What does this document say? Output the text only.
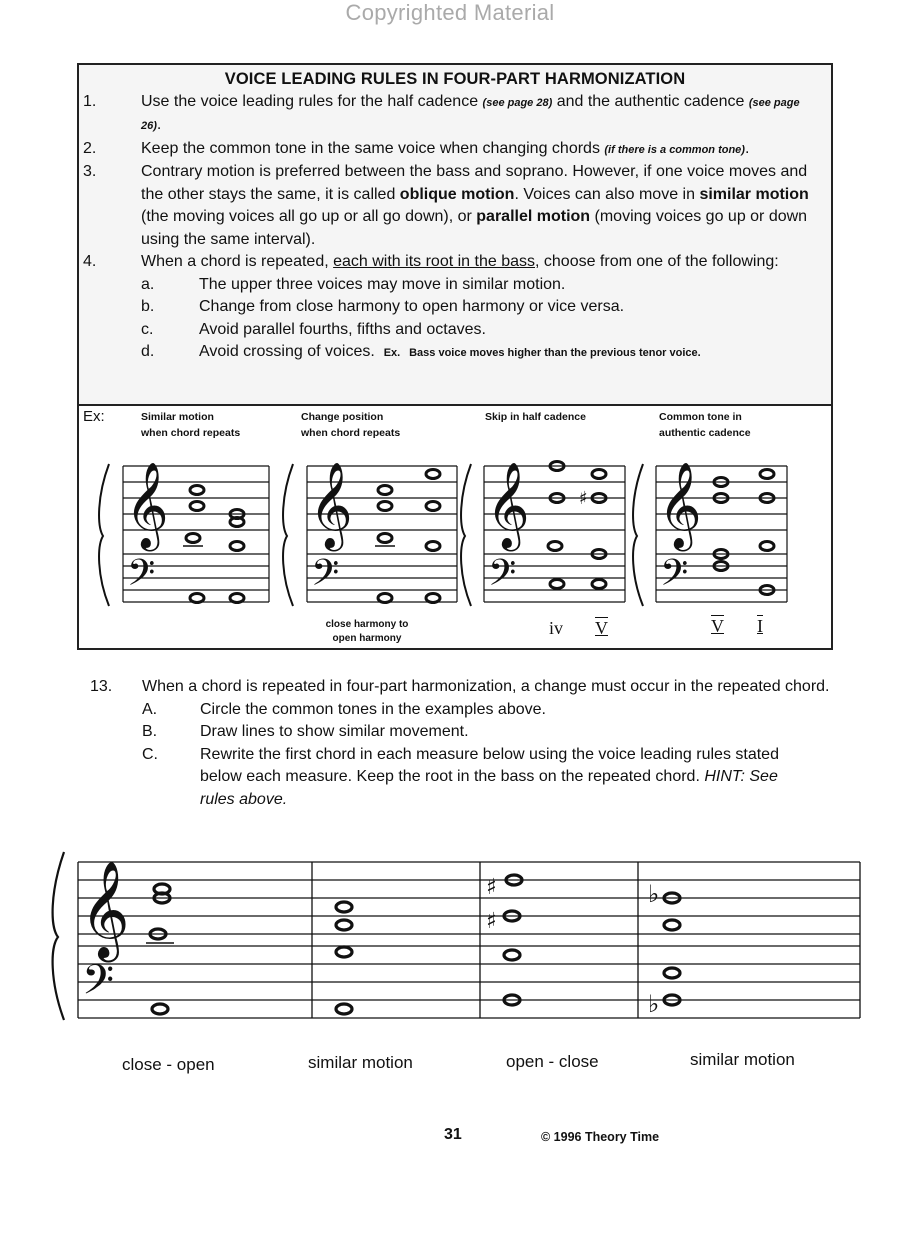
Copyrighted Material
VOICE LEADING RULES IN FOUR-PART HARMONIZATION
1.	Use the voice leading rules for the half cadence (see page 28) and the authentic cadence (see page 26).
2.	Keep the common tone in the same voice when changing chords (if there is a common tone).
3.	Contrary motion is preferred between the bass and soprano. However, if one voice moves and the other stays the same, it is called oblique motion. Voices can also move in similar motion (the moving voices all go up or all go down), or parallel motion (moving voices go up or down using the same interval).
4.	When a chord is repeated, each with its root in the bass, choose from one of the following:
a.	The upper three voices may move in similar motion.
b.	Change from close harmony to open harmony or vice versa.
c.	Avoid parallel fourths, fifths and octaves.
d.	Avoid crossing of voices. Ex. Bass voice moves higher than the previous tenor voice.
Ex:	Similar motion
when chord repeats
Change position
when chord repeats
Skip in half cadence	Common tone in
authentic cadence
𝄞
𝄢
𝄞
𝄢
𝄞
𝄢
𝄞
𝄢
♯
close harmony to
open harmony
iv V	V I
13.	When a chord is repeated in four-part harmonization, a change must occur in the repeated chord.
A.	Circle the common tones in the examples above.
B.	Draw lines to show similar movement.
C.	Rewrite the first chord in each measure below using the voice leading rules stated below each measure. Keep the root in the bass on the repeated chord. HINT: See rules above.
𝄞
𝄢
♯
♯
♭
♭
close - open	similar motion	open - close	similar motion
31	© 1996 Theory Time
